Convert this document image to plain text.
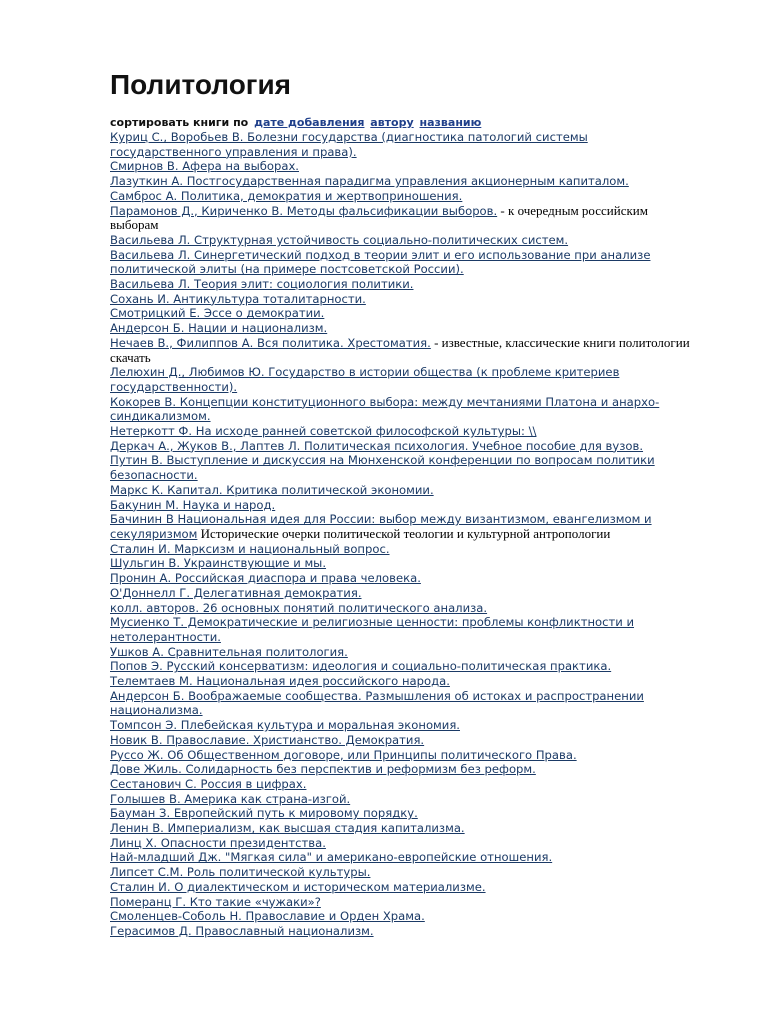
Политология
сортировать книги по дате добавления автору названию
Куриц С., Воробьев В. Болезни государства (диагностика патологий системы государственного управления и права).
Смирнов В. Афера на выборах.
Лазуткин А. Постгосударственная парадигма управления акционерным капиталом.
Самброс А. Политика, демократия и жертвоприношения.
Парамонов Д., Кириченко В. Методы фальсификации выборов. - к очередным российским выборам
Васильева Л. Структурная устойчивость социально-политических систем.
Васильева Л. Синергетический подход в теории элит и его использование при анализе политической элиты (на примере постсоветской России).
Васильева Л. Теория элит: социология политики.
Сохань И. Антикультура тоталитарности.
Смотрицкий Е. Эссе о демократии.
Андерсон Б. Нации и национализм.
Нечаев В., Филиппов А. Вся политика. Хрестоматия. - известные, классические книги политологии скачать
Лелюхин Д., Любимов Ю. Государство в истории общества (к проблеме критериев государственности).
Кокорев В. Концепции конституционного выбора: между мечтаниями Платона и анархо-синдикализмом.
Нетеркотт Ф. На исходе ранней советской философской культуры: \\
Деркач А., Жуков В., Лаптев Л. Политическая психология. Учебное пособие для вузов.
Путин В. Выступление и дискуссия на Мюнхенской конференции по вопросам политики безопасности.
Маркс К. Капитал. Критика политической экономии.
Бакунин М. Наука и народ.
Бачинин В Национальная идея для России: выбор между византизмом, евангелизмом и секуляризмом Исторические очерки политической теологии и культурной антропологии
Сталин И. Марксизм и национальный вопрос.
Шульгин В. Украинствующие и мы.
Пронин А. Российская диаспора и права человека.
О'Доннелл Г. Делегативная демократия.
колл. авторов. 26 основных понятий политического анализа.
Мусиенко Т. Демократические и религиозные ценности: проблемы конфликтности и нетолерантности.
Ушков А. Сравнительная политология.
Попов Э. Русский консерватизм: идеология и социально-политическая практика.
Телемтаев М. Национальная идея российского народа.
Андерсон Б. Воображаемые сообщества. Размышления об истоках и распространении национализма.
Томпсон Э. Плебейская культура и моральная экономия.
Новик В. Православие. Христианство. Демократия.
Руссо Ж. Об Общественном договоре, или Принципы политического Права.
Дове Жиль. Солидарность без перспектив и реформизм без реформ.
Сестанович С. Россия в цифрах.
Голышев В. Америка как страна-изгой.
Бауман З. Европейский путь к мировому порядку.
Ленин В. Империализм, как высшая стадия капитализма.
Линц Х. Опасности президентства.
Най-младший Дж. "Мягкая сила" и американо-европейские отношения.
Липсет С.М. Роль политической культуры.
Сталин И. О диалектическом и историческом материализме.
Померанц Г. Кто такие «чужаки»?
Смоленцев-Соболь Н. Православие и Орден Храма.
Герасимов Д. Православный национализм.
